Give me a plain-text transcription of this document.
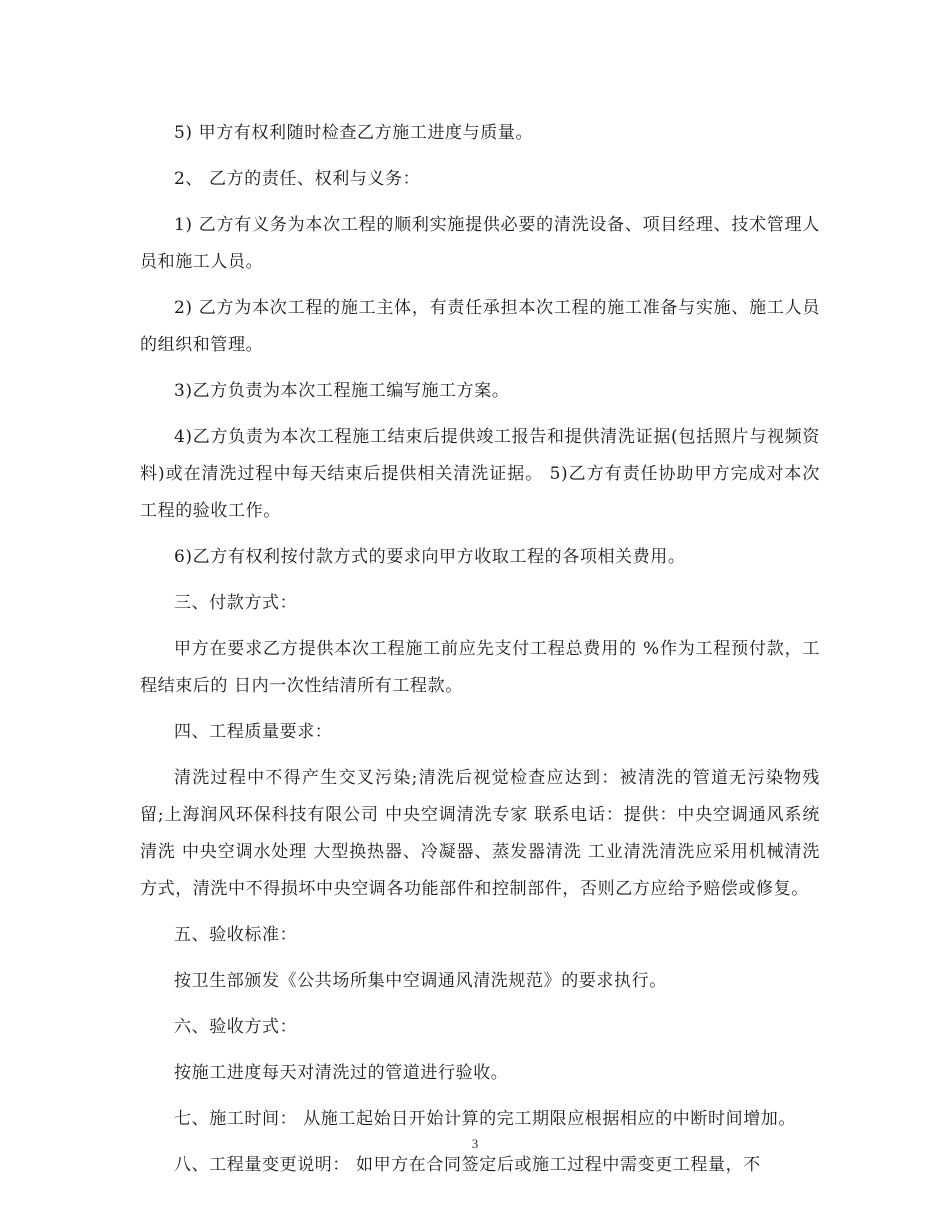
5) 甲方有权利随时检查乙方施工进度与质量。

2、 乙方的责任、权利与义务：

1) 乙方有义务为本次工程的顺利实施提供必要的清洗设备、项目经理、技术管理人员和施工人员。

2) 乙方为本次工程的施工主体，有责任承担本次工程的施工准备与实施、施工人员的组织和管理。

3)乙方负责为本次工程施工编写施工方案。

4)乙方负责为本次工程施工结束后提供竣工报告和提供清洗证据(包括照片与视频资料)或在清洗过程中每天结束后提供相关清洗证据。 5)乙方有责任协助甲方完成对本次工程的验收工作。

6)乙方有权利按付款方式的要求向甲方收取工程的各项相关费用。

三、付款方式：

甲方在要求乙方提供本次工程施工前应先支付工程总费用的 %作为工程预付款，工程结束后的 日内一次性结清所有工程款。

四、工程质量要求：

清洗过程中不得产生交叉污染;清洗后视觉检查应达到：被清洗的管道无污染物残留;上海润风环保科技有限公司 中央空调清洗专家 联系电话：提供：中央空调通风系统清洗 中央空调水处理 大型换热器、冷凝器、蒸发器清洗 工业清洗清洗应采用机械清洗方式，清洗中不得损坏中央空调各功能部件和控制部件，否则乙方应给予赔偿或修复。

五、验收标准：

按卫生部颁发《公共场所集中空调通风清洗规范》的要求执行。

六、验收方式：

按施工进度每天对清洗过的管道进行验收。

七、施工时间： 从施工起始日开始计算的完工期限应根据相应的中断时间增加。

八、工程量变更说明： 如甲方在合同签定后或施工过程中需变更工程量，不

3
